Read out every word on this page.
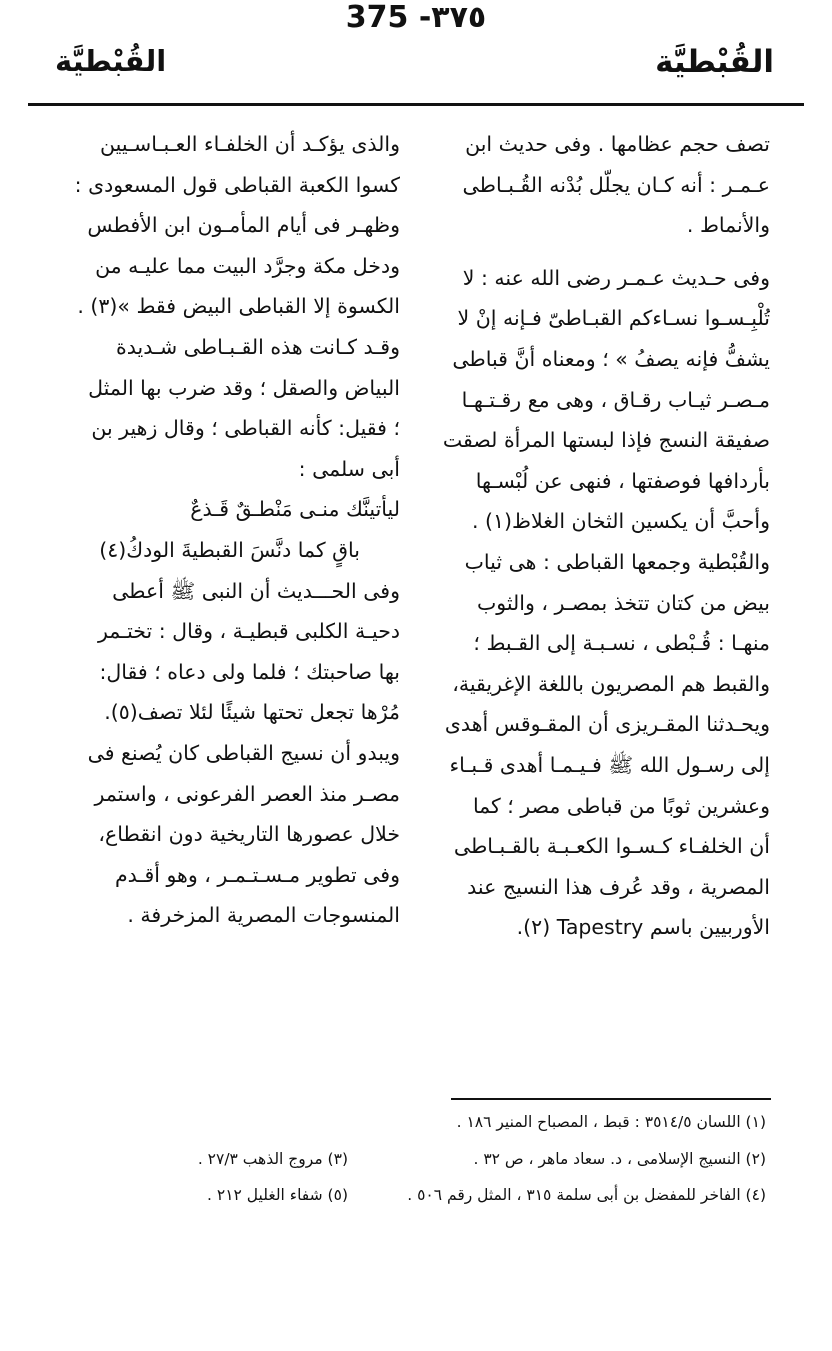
القُبْطيَّة
375 -٣٧٥
القُبْطيَّة
تصف حجم عظامها . وفى حديث ابن
عـمـر : أنه كـان يجلّل بُدْنه القُـبـاطى
والأنماط .
وفى حـديث عـمـر رضى الله عنه : لا
تُلْبِـسـوا نسـاءكم القبـاطىّ فـإنه إنْ لا
يشفُّ فإنه يصفُ » ؛ ومعناه أنَّ قباطى
مـصـر ثيـاب رقـاق ، وهى مع رقـتـهـا
صفيقة النسج فإذا لبستها المرأة لصقت
بأردافها فوصفتها ، فنهى عن لُبْسـها
وأحبَّ أن يكسين الثخان الغلاظ(١) .
والقُبْطية وجمعها القباطى : هى ثياب
بيض من كتان تتخذ بمصـر ، والثوب
منهـا : قُـبْطى ، نسـبـة إلى القـبط ؛
والقبط هم المصريون باللغة الإغريقية،
ويحـدثنا المقـريزى أن المقـوقس أهدى
إلى رسـول الله ﷺ فـيـمـا أهدى قـبـاء
وعشرين ثوبًا من قباطى مصر ؛ كما
أن الخلفـاء كـسـوا الكعـبـة بالقـبـاطى
المصرية ، وقد عُرف هذا النسيج عند
الأوربيين باسم Tapestry (٢).
والذى يؤكـد أن الخلفـاء العـبـاسـيين
كسوا الكعبة القباطى قول المسعودى :
وظهـر فى أيام المأمـون ابن الأفطس
ودخل مكة وجرَّد البيت مما عليـه من
الكسوة إلا القباطى البيض فقط »(٣) .
وقـد كـانت هذه القـبـاطى شـديدة
البياض والصقل ؛ وقد ضرب بها المثل
؛ فقيل: كأنه القباطى ؛ وقال زهير بن
أبى سلمى :
ليأتينَّك منـى مَنْطـقٌ قَـذعٌ
باقٍ كما دنَّسَ القبطيةَ الودكُ(٤)
وفى الحـــديث أن النبى ﷺ أعطى
دحيـة الكلبى قبطيـة ، وقال : تختـمر
بها صاحبتك ؛ فلما ولى دعاه ؛ فقال:
مُرْها تجعل تحتها شيئًا لئلا تصف(٥).
ويبدو أن نسيج القباطى كان يُصنع فى
مصـر منذ العصر الفرعونى ، واستمر
خلال عصورها التاريخية دون انقطاع،
وفى تطوير مـسـتـمـر ، وهو أقـدم
المنسوجات المصرية المزخرفة .
(١) اللسان ٣٥١٤/٥ : قبط ، المصباح المنير ١٨٦ .
(٢) النسيج الإسلامى ، د. سعاد ماهر ، ص ٣٢ .
(٣) مروج الذهب ٢٧/٣ .
(٤) الفاخر للمفضل بن أبى سلمة ٣١٥ ، المثل رقم ٥٠٦ .
(٥) شفاء الغليل ٢١٢ .
